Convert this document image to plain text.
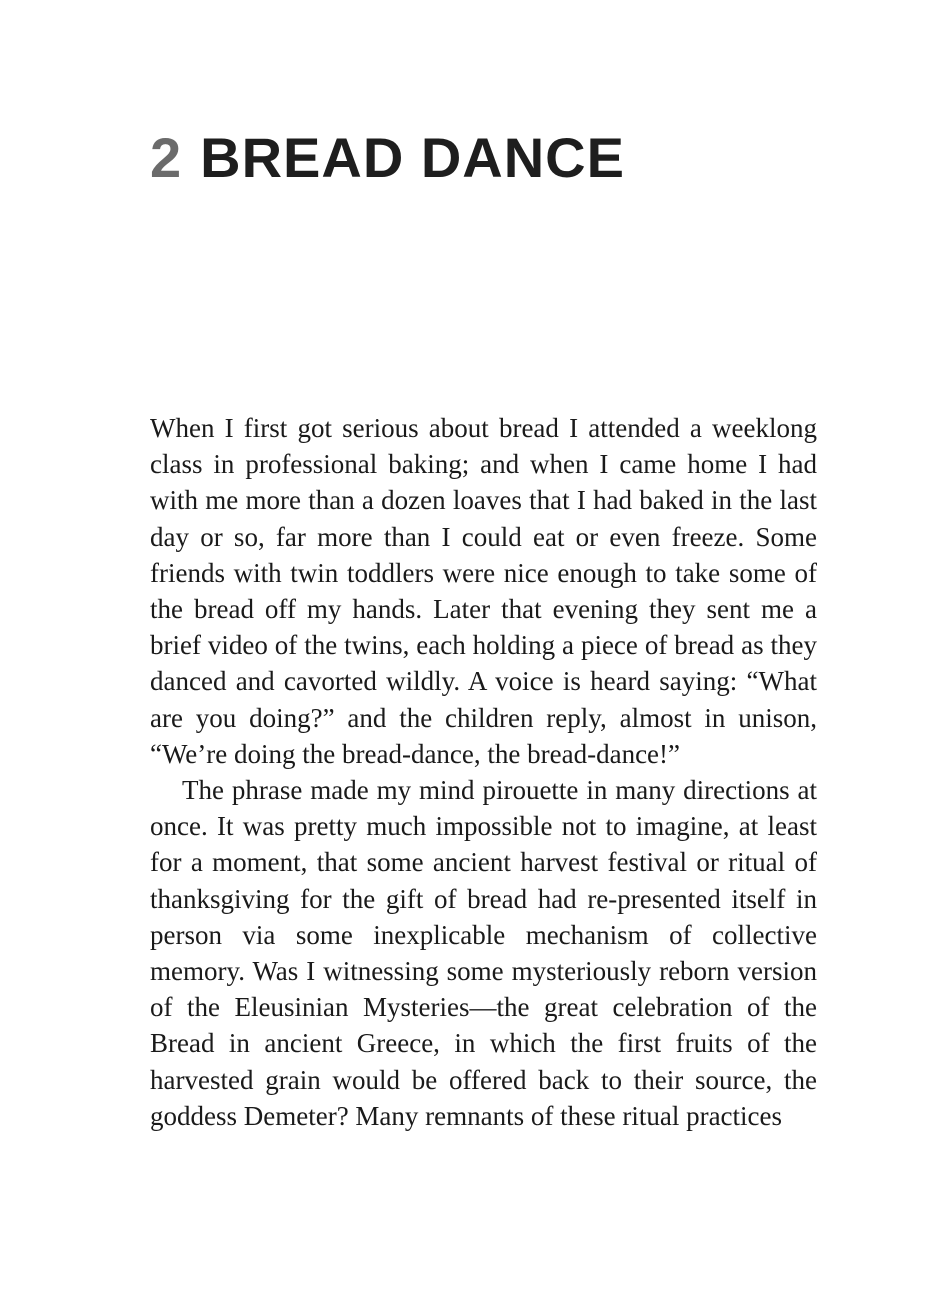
2 BREAD DANCE

When I first got serious about bread I attended a weeklong class in professional baking; and when I came home I had with me more than a dozen loaves that I had baked in the last day or so, far more than I could eat or even freeze. Some friends with twin toddlers were nice enough to take some of the bread off my hands. Later that evening they sent me a brief video of the twins, each holding a piece of bread as they danced and cavorted wildly. A voice is heard saying: “What are you doing?” and the children reply, almost in unison, “We’re doing the bread-dance, the bread-dance!”

The phrase made my mind pirouette in many directions at once. It was pretty much impossible not to imagine, at least for a moment, that some ancient harvest festival or ritual of thanksgiving for the gift of bread had re-presented itself in person via some inexplicable mechanism of collective memory. Was I witnessing some mysteriously reborn version of the Eleusinian Mysteries—the great celebration of the Bread in ancient Greece, in which the first fruits of the harvested grain would be offered back to their source, the goddess Demeter? Many remnants of these ritual practices
